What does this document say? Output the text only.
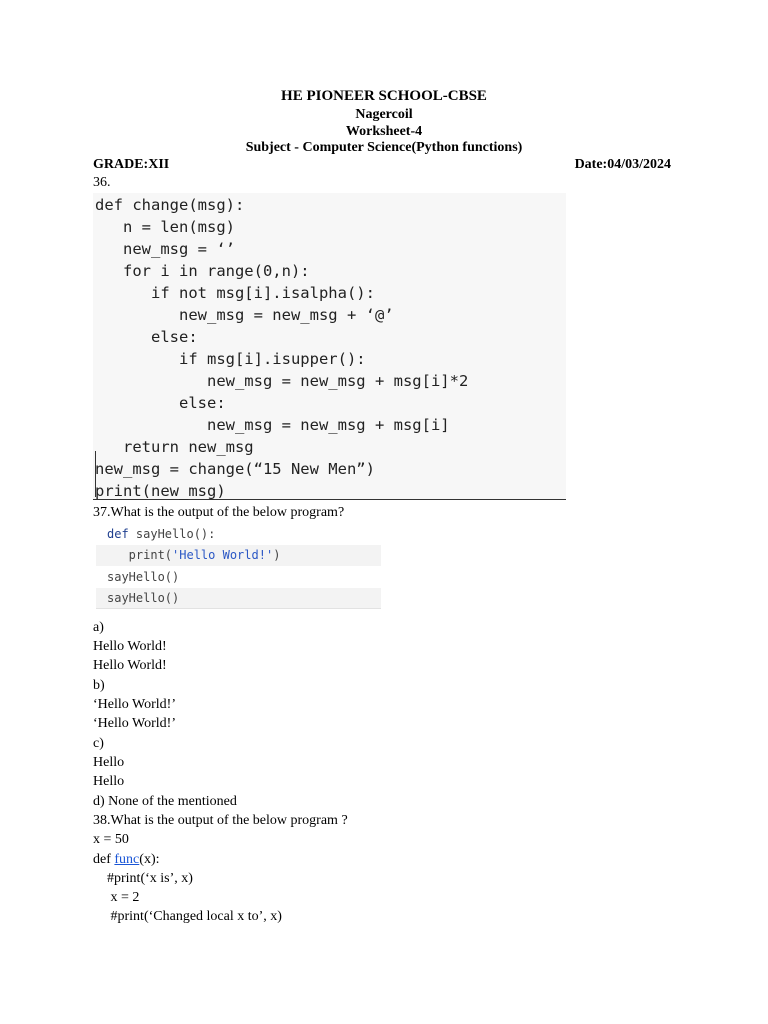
HE PIONEER SCHOOL-CBSE
Nagercoil
Worksheet-4
Subject - Computer Science(Python functions)
GRADE:XII	Date:04/03/2024
36.
def change(msg):
n = len(msg)
new_msg = ‘’
for i in range(0,n):
if not msg[i].isalpha():
new_msg = new_msg + ‘@’
else:
if msg[i].isupper():
new_msg = new_msg + msg[i]*2
else:
new_msg = new_msg + msg[i]
return new_msg
new_msg = change(“15 New Men”)
print(new_msg)
37.What is the output of the below program?
def sayHello():
print('Hello World!')
sayHello()
sayHello()
a)
Hello World!
Hello World!
b)
‘Hello World!’
‘Hello World!’
c)
Hello
Hello
d) None of the mentioned
38.What is the output of the below program ?
x = 50
def func(x):
#print(‘x is’, x)
x = 2
#print(‘Changed local x to’, x)
